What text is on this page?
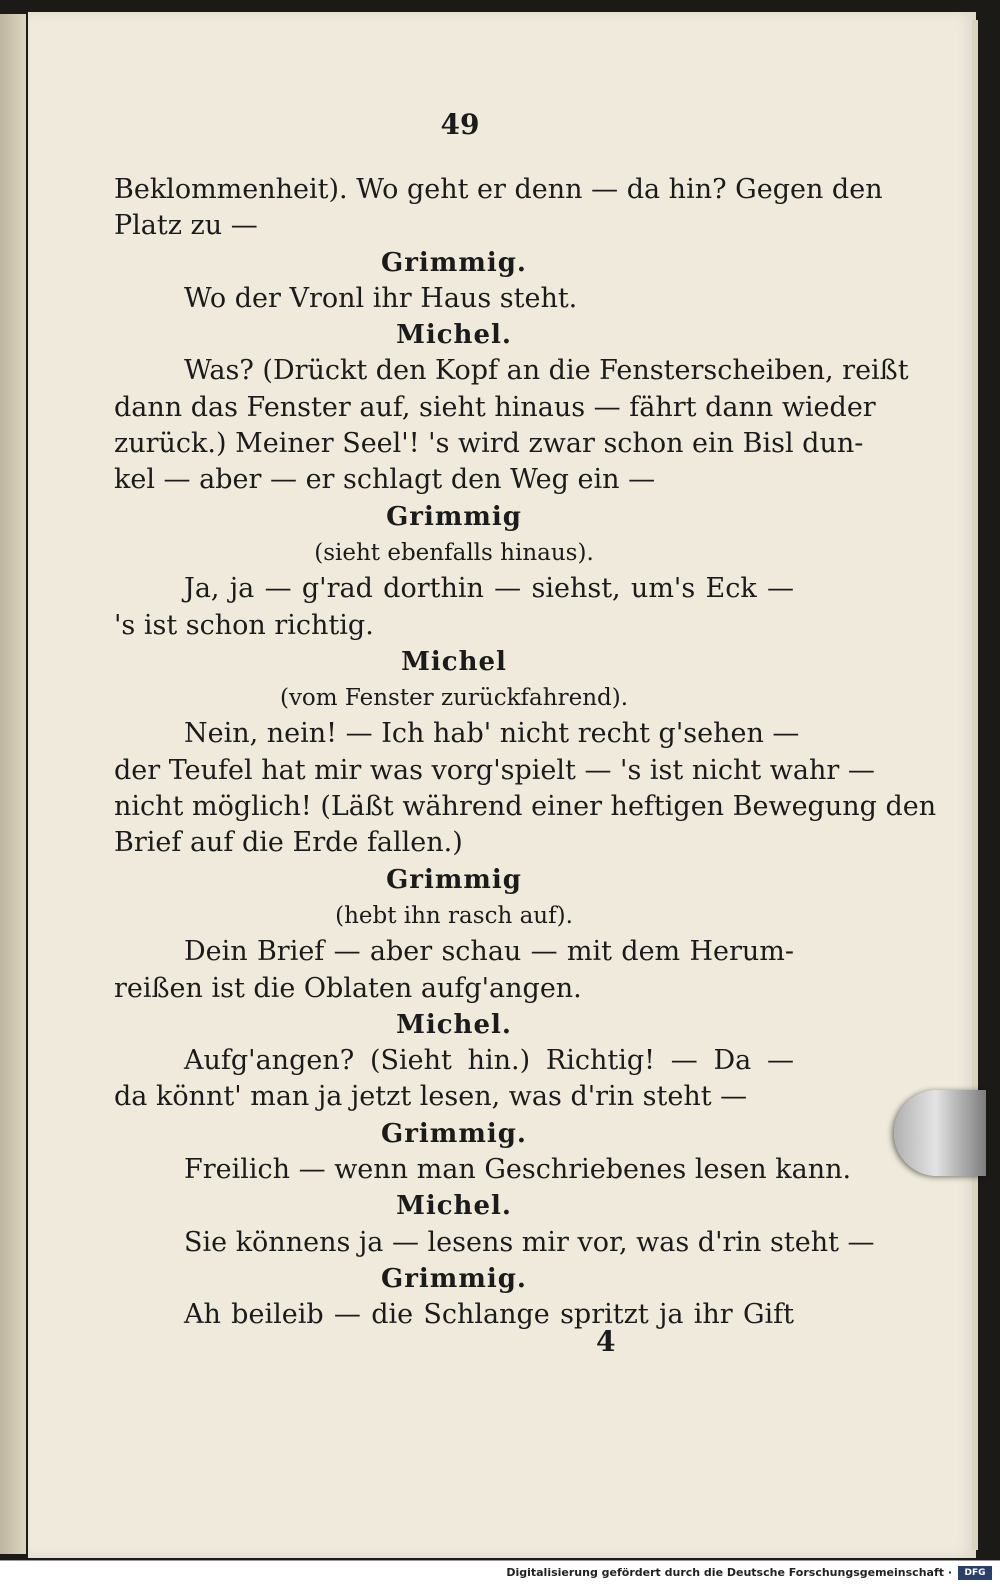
49
Beklommenheit). Wo geht er denn — da hin? Gegen den
Platz zu —
Grimmig.
Wo der Vronl ihr Haus steht.
Michel.
Was? (Drückt den Kopf an die Fensterscheiben, reißt
dann das Fenster auf, sieht hinaus — fährt dann wieder
zurück.) Meiner Seel'! 's wird zwar schon ein Bisl dun-
kel — aber — er schlagt den Weg ein —
Grimmig
(sieht ebenfalls hinaus).
Ja, ja — g'rad dorthin — siehst, um's Eck —
's ist schon richtig.
Michel
(vom Fenster zurückfahrend).
Nein, nein! — Ich hab' nicht recht g'sehen —
der Teufel hat mir was vorg'spielt — 's ist nicht wahr —
nicht möglich! (Läßt während einer heftigen Bewegung den
Brief auf die Erde fallen.)
Grimmig
(hebt ihn rasch auf).
Dein Brief — aber schau — mit dem Herum-
reißen ist die Oblaten aufg'angen.
Michel.
Aufg'angen? (Sieht hin.) Richtig! — Da —
da könnt' man ja jetzt lesen, was d'rin steht —
Grimmig.
Freilich — wenn man Geschriebenes lesen kann.
Michel.
Sie könnens ja — lesens mir vor, was d'rin steht —
Grimmig.
Ah beileib — die Schlange spritzt ja ihr Gift
4
Digitalisierung gefördert durch die Deutsche Forschungsgemeinschaft ·	DFG
